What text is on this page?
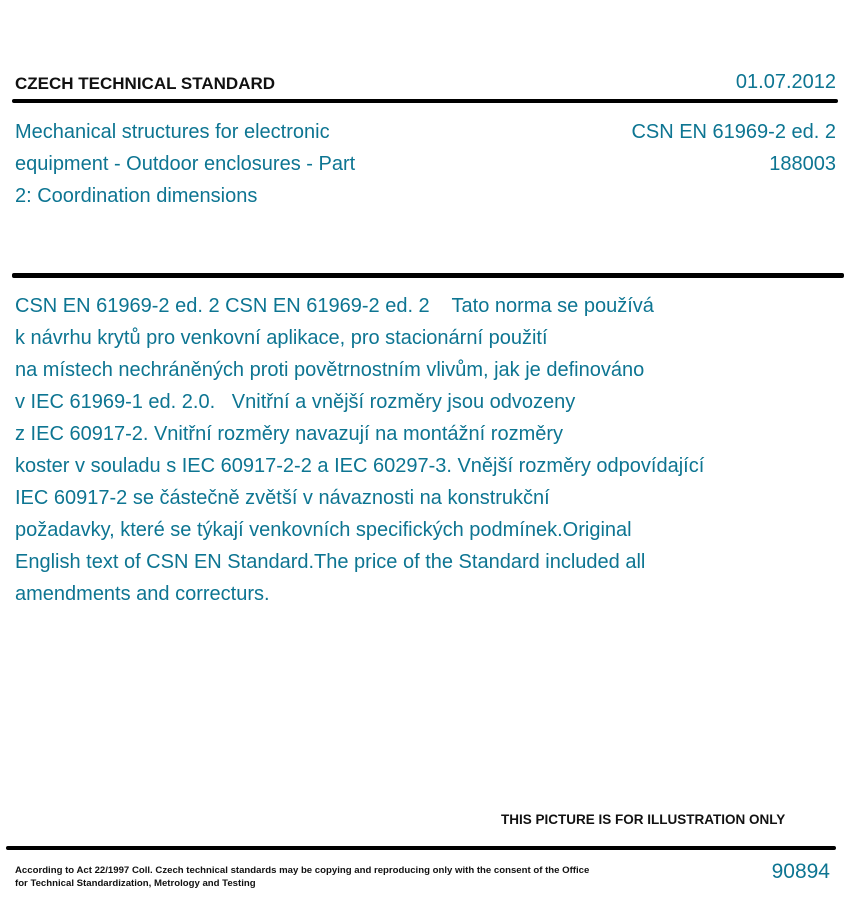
CZECH TECHNICAL STANDARD	01.07.2012
Mechanical structures for electronic
equipment - Outdoor enclosures - Part
2: Coordination dimensions
CSN EN 61969-2 ed. 2
188003
CSN EN 61969-2 ed. 2 CSN EN 61969-2 ed. 2    Tato norma se používá
k návrhu krytů pro venkovní aplikace, pro stacionární použití
na místech nechráněných proti povětrnostním vlivům, jak je definováno
v IEC 61969-1 ed. 2.0.   Vnitřní a vnější rozměry jsou odvozeny
z IEC 60917-2. Vnitřní rozměry navazují na montážní rozměry
koster v souladu s IEC 60917-2-2 a IEC 60297-3. Vnější rozměry odpovídající
IEC 60917-2 se částečně zvětší v návaznosti na konstrukční
požadavky, které se týkají venkovních specifických podmínek.Original
English text of CSN EN Standard.The price of the Standard included all
amendments and correcturs.
THIS PICTURE IS FOR ILLUSTRATION ONLY
According to Act 22/1997 Coll. Czech technical standards may be copying and reproducing only with the consent of the Office
for Technical Standardization, Metrology and Testing	90894
